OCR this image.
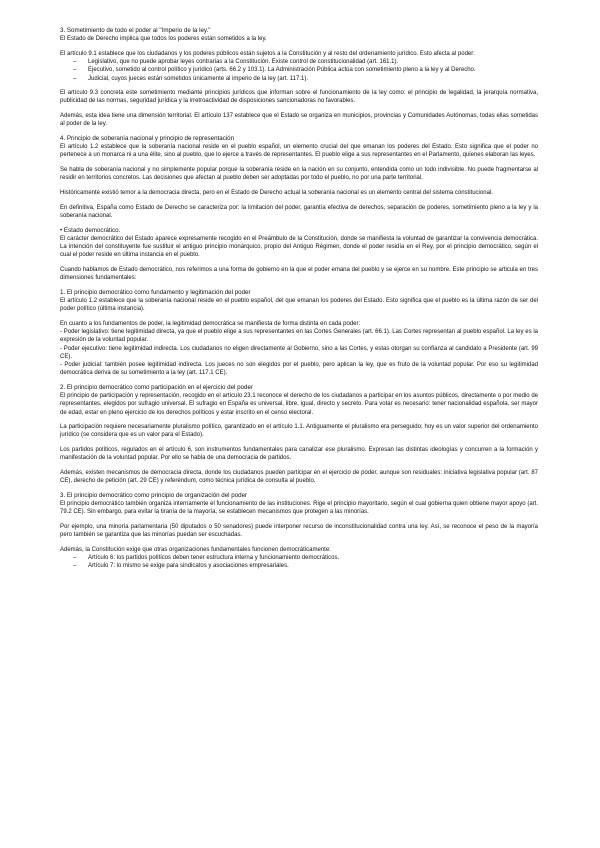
3. Sometimiento de todo el poder al "Imperio de la ley."

El Estado de Derecho implica que todos los poderes están sometidos a la ley.

El artículo 9.1 establece que los ciudadanos y los poderes públicos están sujetos a la Constitución y al resto del ordenamiento jurídico. Esto afecta al poder:

– Legislativo, que no puede aprobar leyes contrarias a la Constitución. Existe control de constitucionalidad (art. 161.1).
– Ejecutivo, sometido al control político y jurídico (arts. 66.2 y 103.1). La Administración Pública actúa con sometimiento pleno a la ley y al Derecho.
– Judicial, cuyos jueces están sometidos únicamente al imperio de la ley (art. 117.1).

El artículo 9.3 concreta este sometimiento mediante principios jurídicos que informan sobre el funcionamiento de la ley como: el principio de legalidad, la jerarquía normativa, publicidad de las normas, seguridad jurídica y la irretroactividad de disposiciones sancionadoras no favorables.

Además, esta idea tiene una dimensión territorial. El artículo 137 establece que el Estado se organiza en municipios, provincias y Comunidades Autónomas, todas ellas sometidas al poder de la ley.

4. Principio de soberanía nacional y principio de representación

El artículo 1.2 establece que la soberanía nacional reside en el pueblo español, un elemento crucial del que emanan los poderes del Estado. Esto significa que el poder no pertenece a un monarca ni a una élite, sino al pueblo, que lo ejerce a través de representantes. El pueblo elige a sus representantes en el Parlamento, quienes elaboran las leyes.

Se habla de soberanía nacional y no simplemente popular porque la soberanía reside en la nación en su conjunto, entendida como un todo indivisible. No puede fragmentarse al residir en territorios concretos. Las decisiones que afectan al pueblo deben ser adoptadas por todo el pueblo, no por una parte territorial.

Históricamente existió temor a la democracia directa, pero en el Estado de Derecho actual la soberanía nacional es un elemento central del sistema constitucional.

En definitiva, España como Estado de Derecho se caracteriza por: la limitación del poder, garantía efectiva de derechos, separación de poderes, sometimiento pleno a la ley y la soberanía nacional.

• Estado democrático.

El carácter democrático del Estado aparece expresamente recogido en el Preámbulo de la Constitución, donde se manifiesta la voluntad de garantizar la convivencia democrática. La intención del constituyente fue sustituir el antiguo principio monárquico, propio del Antiguo Régimen, donde el poder residía en el Rey, por el principio democrático, según el cual el poder reside en última instancia en el pueblo.

Cuando hablamos de Estado democrático, nos referimos a una forma de gobierno en la que el poder emana del pueblo y se ejerce en su nombre. Este principio se articula en tres dimensiones fundamentales:

1. El principio democrático como fundamento y legitimación del poder

El artículo 1.2 establece que la soberanía nacional reside en el pueblo español, del que emanan los poderes del Estado. Esto significa que el pueblo es la última razón de ser del poder político (última instancia).

En cuanto a los fundamentos de poder, la legitimidad democrática se manifiesta de forma distinta en cada poder:

- Poder legislativo: tiene legitimidad directa, ya que el pueblo elige a sus representantes en las Cortes Generales (art. 66.1). Las Cortes representan al pueblo español. La ley es la expresión de la voluntad popular.

- Poder ejecutivo: tiene legitimidad indirecta. Los ciudadanos no eligen directamente al Gobierno, sino a las Cortes, y estas otorgan su confianza al candidato a Presidente (art. 99 CE).

- Poder judicial: también posee legitimidad indirecta. Los jueces no son elegidos por el pueblo, pero aplican la ley, que es fruto de la voluntad popular. Por eso su legitimidad democrática deriva de su sometimiento a la ley (art. 117.1 CE).

2. El principio democrático como participación en el ejercicio del poder

El principio de participación y representación, recogido en el artículo 23.1 reconoce el derecho de los ciudadanos a participar en los asuntos públicos, directamente o por medio de representantes, elegidos por sufragio universal. El sufragio en España es universal, libre, igual, directo y secreto. Para votar es necesario: tener nacionalidad española, ser mayor de edad, estar en pleno ejercicio de los derechos políticos y estar inscrito en el censo electoral.

La participación requiere necesariamente pluralismo político, garantizado en el artículo 1.1. Antiguamente el pluralismo era perseguido; hoy es un valor superior del ordenamiento jurídico (se considera que es un valor para el Estado).

Los partidos políticos, regulados en el artículo 6, son instrumentos fundamentales para canalizar ese pluralismo. Expresan las distintas ideologías y concurren a la formación y manifestación de la voluntad popular. Por ello se habla de una democracia de partidos.

Además, existen mecanismos de democracia directa, donde los ciudadanos pueden participar en el ejercicio de poder, aunque son residuales: iniciativa legislativa popular (art. 87 CE), derecho de petición (art. 29 CE) y referéndum, como técnica jurídica de consulta al pueblo.

3. El principio democrático como principio de organización del poder

El principio democrático también organiza internamente el funcionamiento de las instituciones. Rige el principio mayoritario, según el cual gobierna quien obtiene mayor apoyo (art. 79.2 CE). Sin embargo, para evitar la tiranía de la mayoría, se establecen mecanismos que protegen a las minorías.

Por ejemplo, una minoría parlamentaria (50 diputados o 50 senadores) puede interponer recurso de inconstitucionalidad contra una ley. Así, se reconoce el peso de la mayoría pero también se garantiza que las minorías puedan ser escuchadas.

Además, la Constitución exige que otras organizaciones fundamentales funcionen democráticamente:

– Artículo 6: los partidos políticos deben tener estructura interna y funcionamiento democráticos.
– Artículo 7: lo mismo se exige para sindicatos y asociaciones empresariales.
